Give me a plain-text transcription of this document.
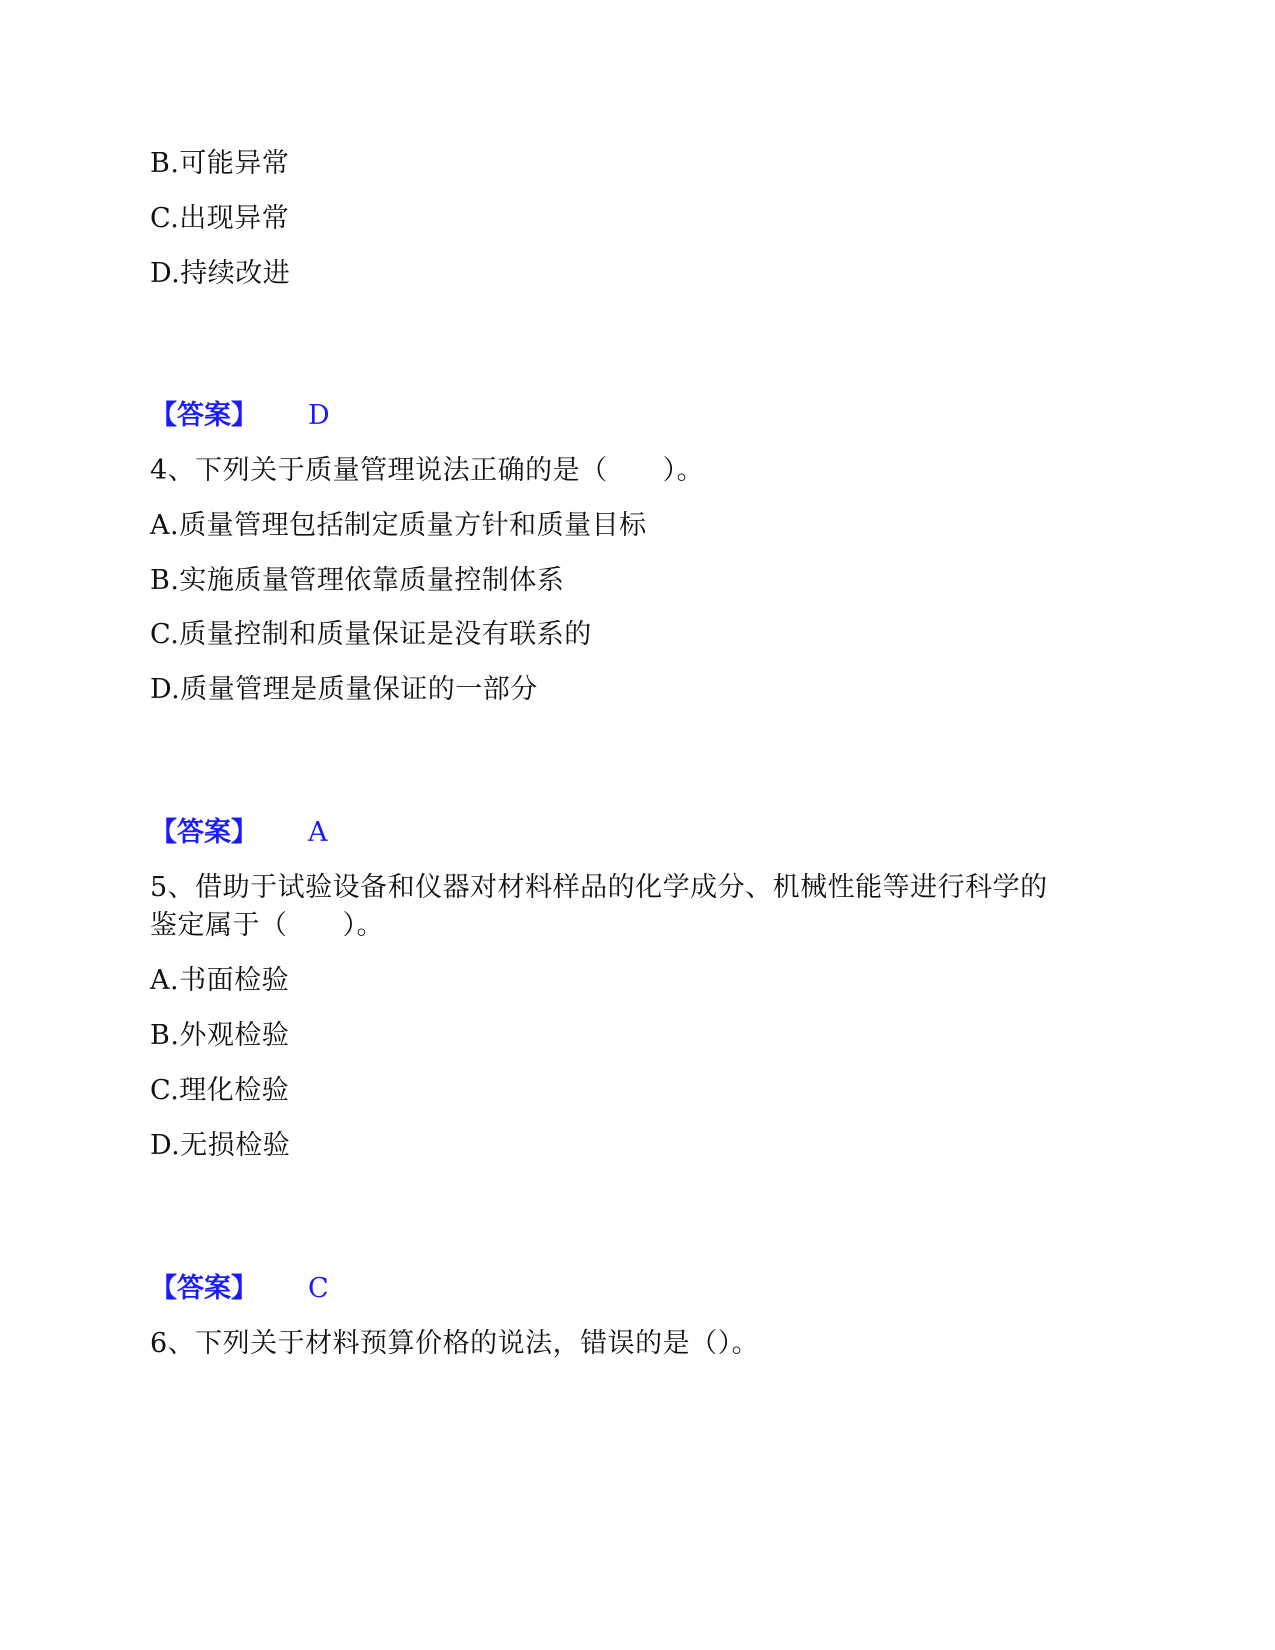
B.可能异常
C.出现异常
D.持续改进
【答案】 D
4、下列关于质量管理说法正确的是（　　）。
A.质量管理包括制定质量方针和质量目标
B.实施质量管理依靠质量控制体系
C.质量控制和质量保证是没有联系的
D.质量管理是质量保证的一部分
【答案】 A
5、借助于试验设备和仪器对材料样品的化学成分、机械性能等进行科学的
鉴定属于（　　）。
A.书面检验
B.外观检验
C.理化检验
D.无损检验
【答案】 C
6、下列关于材料预算价格的说法，错误的是（）。
